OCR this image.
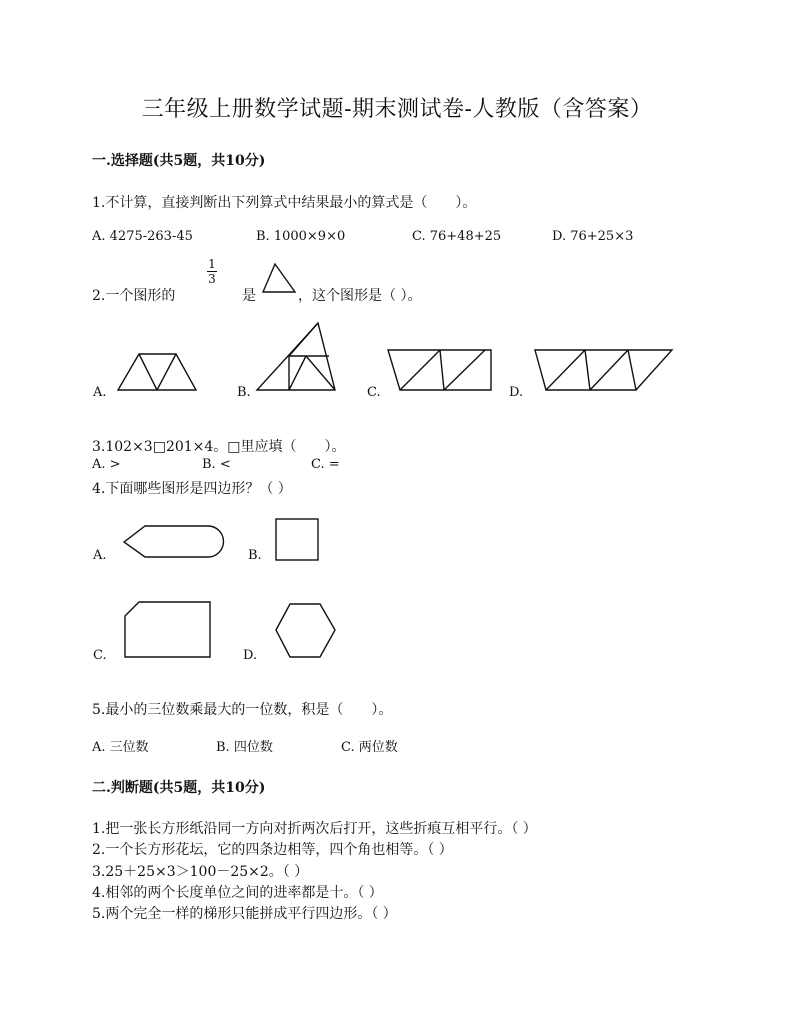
三年级上册数学试题-期末测试卷-人教版（含答案）
一.选择题(共5题，共10分)
1.不计算，直接判断出下列算式中结果最小的算式是（　　）。
A. 4275-263-45	B. 1000×9×0	C. 76+48+25	D. 76+25×3
2.一个图形的
1
3
是	，这个图形是（ ）。
A.	B.	C.	D.
3.102×3□201×4。□里应填（　　）。
A. >	B. <	C. =
4.下面哪些图形是四边形？（ ）
A.	B.
C.	D.
5.最小的三位数乘最大的一位数，积是（　　）。
A. 三位数	B. 四位数	C. 两位数
二.判断题(共5题，共10分)
1.把一张长方形纸沿同一方向对折两次后打开，这些折痕互相平行。（ ）
2.一个长方形花坛，它的四条边相等，四个角也相等。（ ）
3.25＋25×3＞100－25×2。（ ）
4.相邻的两个长度单位之间的进率都是十。（ ）
5.两个完全一样的梯形只能拼成平行四边形。（ ）
